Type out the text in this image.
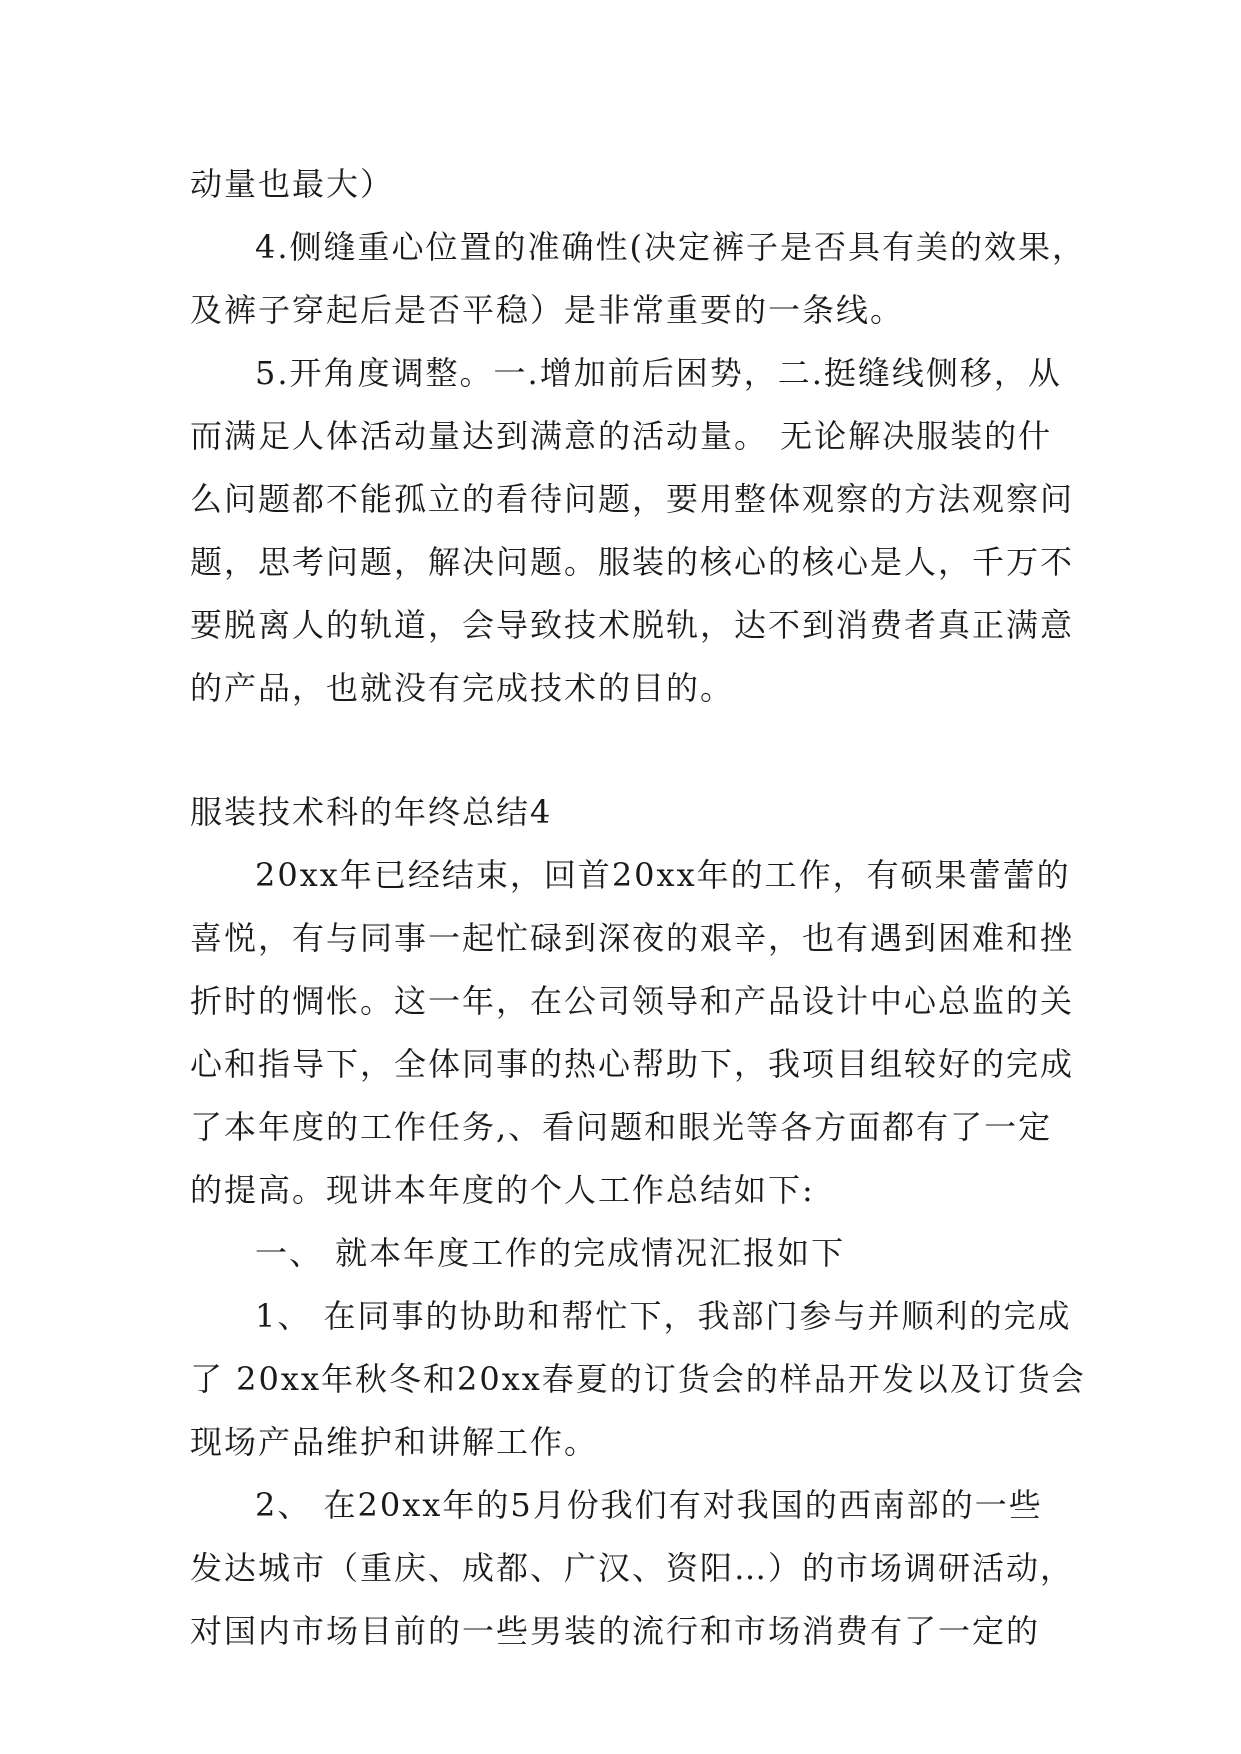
动量也最大）
4.侧缝重心位置的准确性(决定裤子是否具有美的效果，
及裤子穿起后是否平稳）是非常重要的一条线。
5.开角度调整。一.增加前后困势，二.挺缝线侧移，从
而满足人体活动量达到满意的活动量。 无论解决服装的什
么问题都不能孤立的看待问题，要用整体观察的方法观察问
题，思考问题，解决问题。服装的核心的核心是人，千万不
要脱离人的轨道，会导致技术脱轨，达不到消费者真正满意
的产品，也就没有完成技术的目的。
服装技术科的年终总结4
20xx年已经结束，回首20xx年的工作，有硕果蕾蕾的
喜悦，有与同事一起忙碌到深夜的艰辛，也有遇到困难和挫
折时的惆怅。这一年，在公司领导和产品设计中心总监的关
心和指导下，全体同事的热心帮助下，我项目组较好的完成
了本年度的工作任务,、看问题和眼光等各方面都有了一定
的提高。现讲本年度的个人工作总结如下:
一、 就本年度工作的完成情况汇报如下
1、 在同事的协助和帮忙下，我部门参与并顺利的完成
了 20xx年秋冬和20xx春夏的订货会的样品开发以及订货会
现场产品维护和讲解工作。
2、 在20xx年的5月份我们有对我国的西南部的一些
发达城市（重庆、成都、广汉、资阳…）的市场调研活动，
对国内市场目前的一些男装的流行和市场消费有了一定的
